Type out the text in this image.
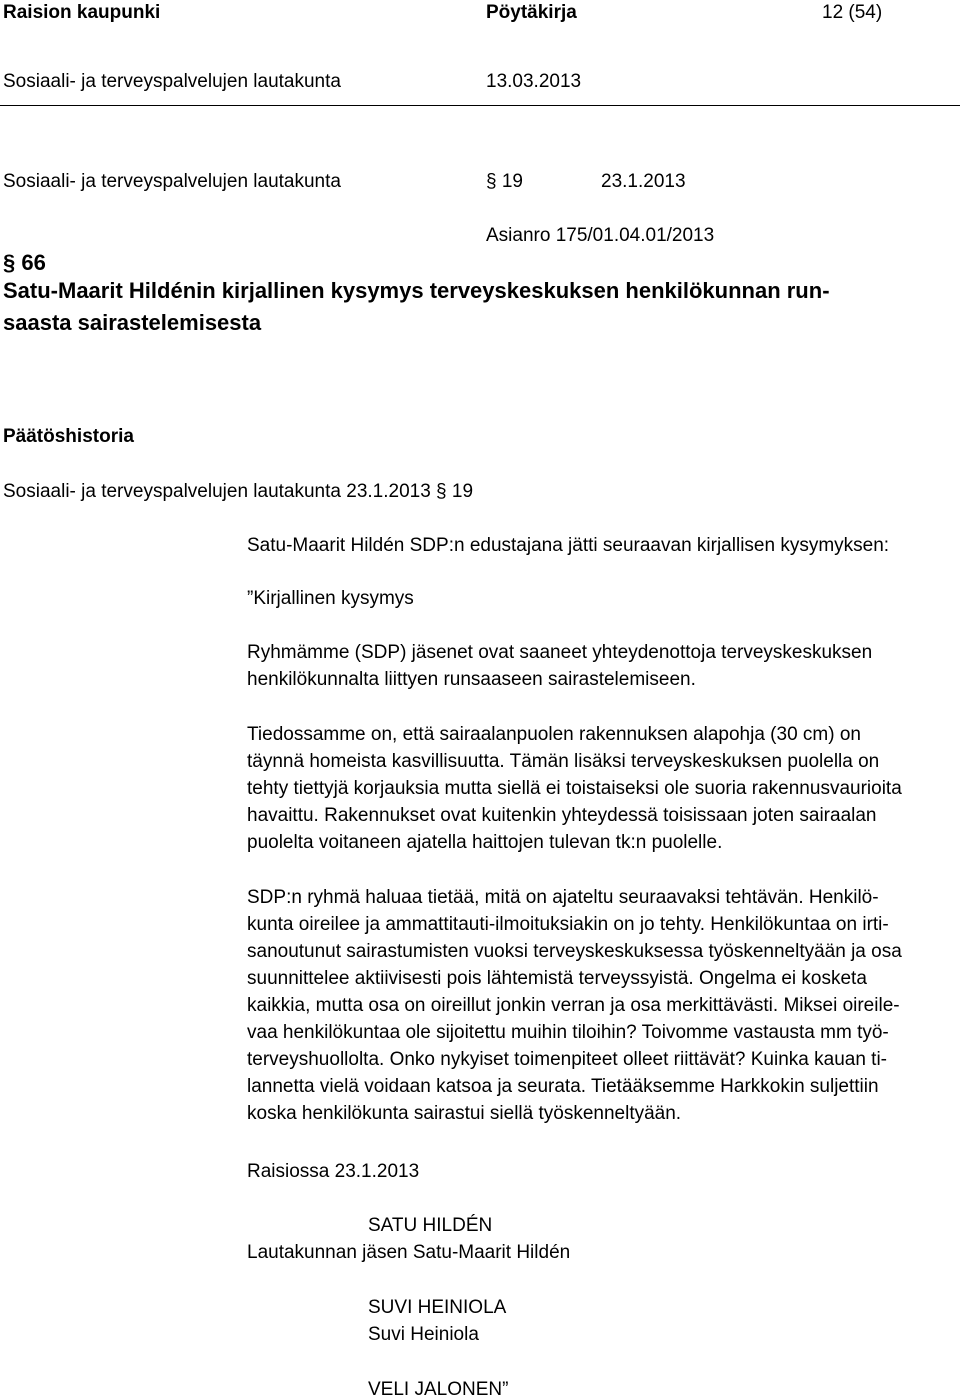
Raision kaupunki	Pöytäkirja	12 (54)
Sosiaali- ja terveyspalvelujen lautakunta	13.03.2013
Sosiaali- ja terveyspalvelujen lautakunta	§ 19	23.1.2013
Asianro 175/01.04.01/2013
§ 66
Satu-Maarit Hildénin kirjallinen kysymys terveyskeskuksen henkilökunnan run-
saasta sairastelemisesta
Päätöshistoria
Sosiaali- ja terveyspalvelujen lautakunta 23.1.2013 § 19
Satu-Maarit Hildén SDP:n edustajana jätti seuraavan kirjallisen kysymyksen:
”Kirjallinen kysymys
Ryhmämme (SDP) jäsenet ovat saaneet yhteydenottoja terveyskeskuksen
henkilökunnalta liittyen runsaaseen sairastelemiseen.
Tiedossamme on, että sairaalanpuolen rakennuksen alapohja (30 cm) on
täynnä homeista kasvillisuutta. Tämän lisäksi terveyskeskuksen puolella on
tehty tiettyjä korjauksia mutta siellä ei toistaiseksi ole suoria rakennusvaurioita
havaittu. Rakennukset ovat kuitenkin yhteydessä toisissaan joten sairaalan
puolelta voitaneen ajatella haittojen tulevan tk:n puolelle.
SDP:n ryhmä haluaa tietää, mitä on ajateltu seuraavaksi tehtävän. Henkilö-
kunta oireilee ja ammattitauti-ilmoituksiakin on jo tehty. Henkilökuntaa on irti-
sanoutunut sairastumisten vuoksi terveyskeskuksessa työskenneltyään ja osa
suunnittelee aktiivisesti pois lähtemistä terveyssyistä. Ongelma ei kosketa
kaikkia, mutta osa on oireillut jonkin verran ja osa merkittävästi. Miksei oireile-
vaa henkilökuntaa ole sijoitettu muihin tiloihin? Toivomme vastausta mm työ-
terveyshuollolta. Onko nykyiset toimenpiteet olleet riittävät? Kuinka kauan ti-
lannetta vielä voidaan katsoa ja seurata. Tietääksemme Harkkokin suljettiin
koska henkilökunta sairastui siellä työskenneltyään.
Raisiossa 23.1.2013
SATU HILDÉN
Lautakunnan jäsen Satu-Maarit Hildén
SUVI HEINIOLA
Suvi Heiniola
VELI JALONEN”
